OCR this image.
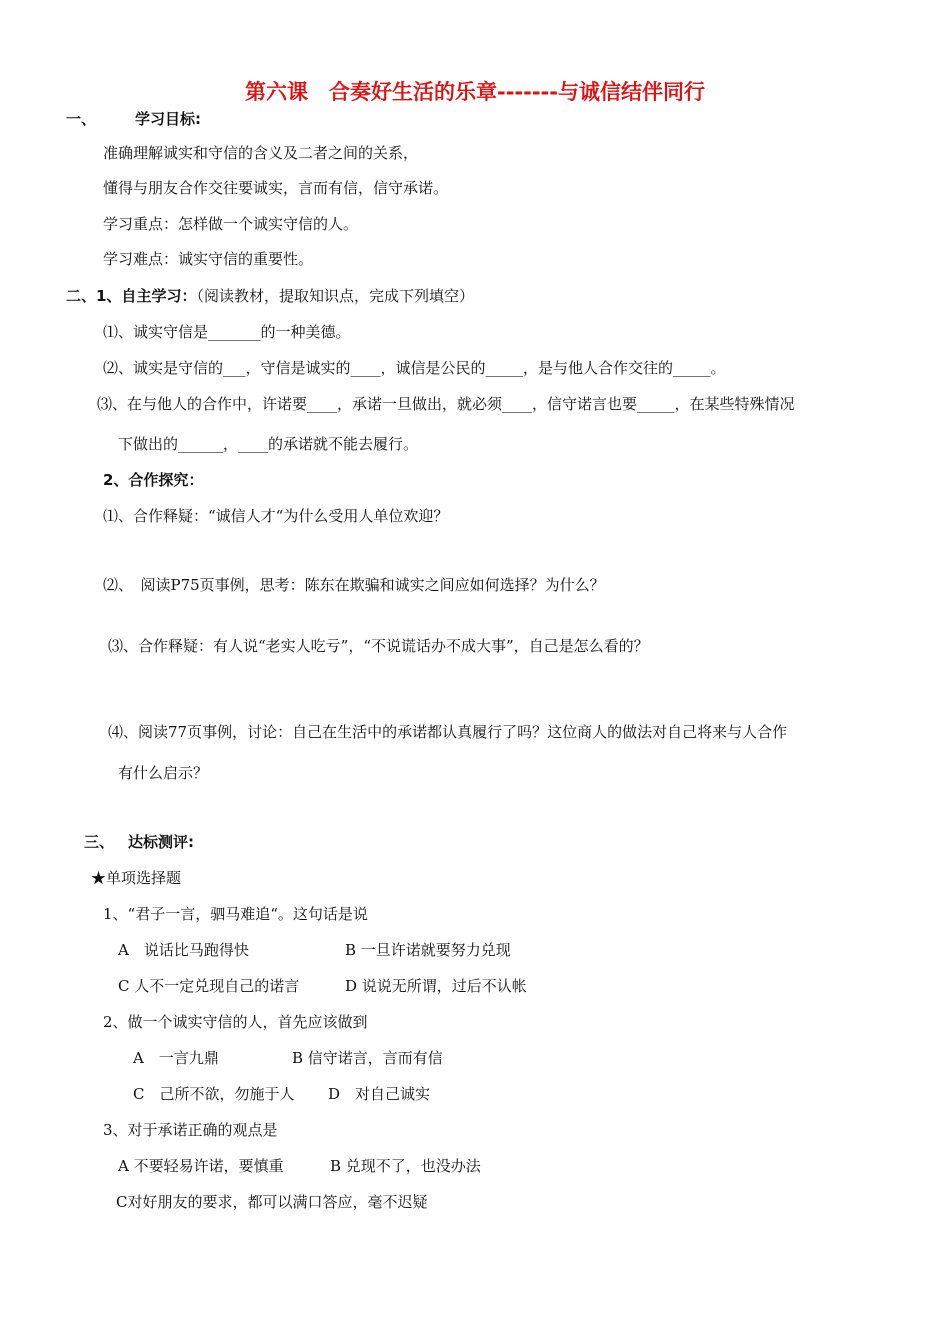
第六课　合奏好生活的乐章-------与诚信结伴同行
一、	学习目标:
准确理解诚实和守信的含义及二者之间的关系，
懂得与朋友合作交往要诚实，言而有信，信守承诺。
学习重点：怎样做一个诚实守信的人。
学习难点：诚实守信的重要性。
二、1、自主学习：（阅读教材，提取知识点，完成下列填空）
⑴、诚实守信是_______的一种美德。
⑵、诚实是守信的___，守信是诚实的____，诚信是公民的_____，是与他人合作交往的_____。
⑶、在与他人的合作中，许诺要____，承诺一旦做出，就必须____，信守诺言也要_____，在某些特殊情况
下做出的______，____的承诺就不能去履行。
2、合作探究：
⑴、合作释疑：“诚信人才“为什么受用人单位欢迎？
⑵、　阅读P75页事例，思考：陈东在欺骗和诚实之间应如何选择？为什么？
⑶、合作释疑：有人说“老实人吃亏”，“不说谎话办不成大事”，自己是怎么看的？
⑷、阅读77页事例，讨论：自己在生活中的承诺都认真履行了吗？这位商人的做法对自己将来与人合作
有什么启示？
三、 达标测评:
★单项选择题
1、“君子一言，驷马难追“。这句话是说
A　说话比马跑得快	B 一旦许诺就要努力兑现
C 人不一定兑现自己的诺言	D 说说无所谓，过后不认帐
2、做一个诚实守信的人，首先应该做到
A　一言九鼎	B 信守诺言，言而有信
C　己所不欲，勿施于人 D　对自己诚实
3、对于承诺正确的观点是
A 不要轻易许诺，要慎重	B 兑现不了，也没办法
C对好朋友的要求，都可以满口答应，毫不迟疑
